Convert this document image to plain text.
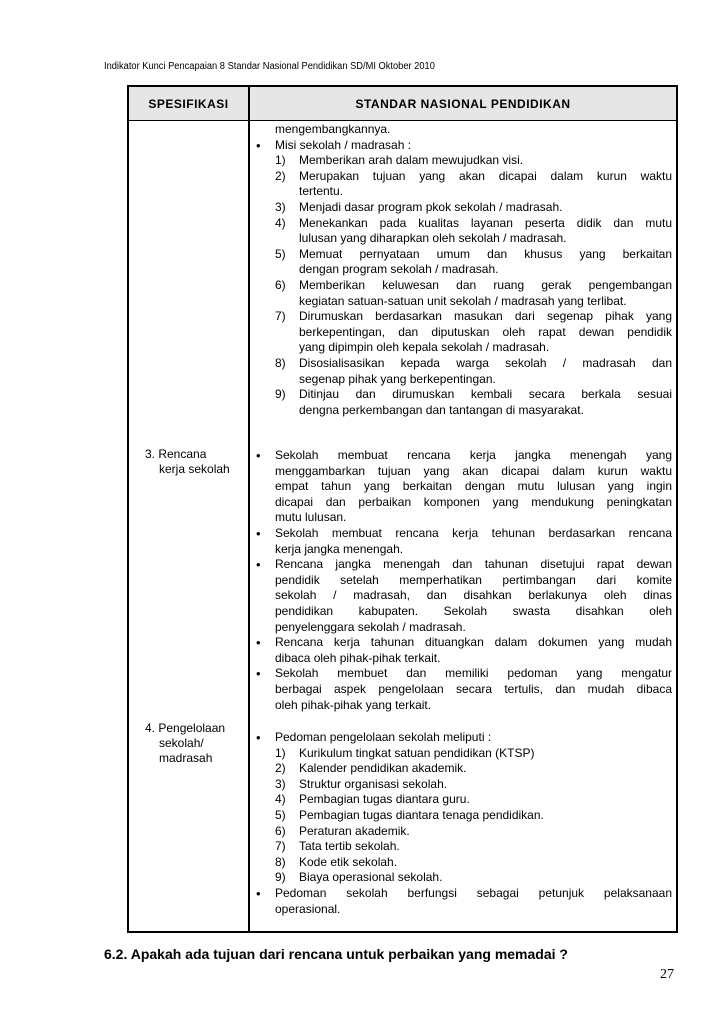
Indikator Kunci Pencapaian 8 Standar Nasional Pendidikan SD/MI Oktober 2010
SPESIFIKASI	STANDAR NASIONAL PENDIDIKAN
3. Rencana
kerja sekolah
4. Pengelolaan
sekolah/
madrasah
mengembangkannya.
• Misi sekolah / madrasah :
1) Memberikan arah dalam mewujudkan visi.
2) Merupakan tujuan yang akan dicapai dalam kurun waktu
tertentu.
3) Menjadi dasar program pkok sekolah / madrasah.
4) Menekankan pada kualitas layanan peserta didik dan mutu
lulusan yang diharapkan oleh sekolah / madrasah.
5) Memuat pernyataan umum dan khusus yang berkaitan
dengan program sekolah / madrasah.
6) Memberikan keluwesan dan ruang gerak pengembangan
kegiatan satuan-satuan unit sekolah / madrasah yang terlibat.
7) Dirumuskan berdasarkan masukan dari segenap pihak yang
berkepentingan, dan diputuskan oleh rapat dewan pendidik
yang dipimpin oleh kepala sekolah / madrasah.
8) Disosialisasikan kepada warga sekolah / madrasah dan
segenap pihak yang berkepentingan.
9) Ditinjau dan dirumuskan kembali secara berkala sesuai
dengna perkembangan dan tantangan di masyarakat.
• Sekolah membuat rencana kerja jangka menengah yang
menggambarkan tujuan yang akan dicapai dalam kurun waktu
empat tahun yang berkaitan dengan mutu lulusan yang ingin
dicapai dan perbaikan komponen yang mendukung peningkatan
mutu lulusan.
• Sekolah membuat rencana kerja tehunan berdasarkan rencana
kerja jangka menengah.
• Rencana jangka menengah dan tahunan disetujui rapat dewan
pendidik setelah memperhatikan pertimbangan dari komite
sekolah / madrasah, dan disahkan berlakunya oleh dinas
pendidikan kabupaten. Sekolah swasta disahkan oleh
penyelenggara sekolah / madrasah.
• Rencana kerja tahunan dituangkan dalam dokumen yang mudah
dibaca oleh pihak-pihak terkait.
• Sekolah membuet dan memiliki pedoman yang mengatur
berbagai aspek pengelolaan secara tertulis, dan mudah dibaca
oleh pihak-pihak yang terkait.
• Pedoman pengelolaan sekolah meliputi :
1) Kurikulum tingkat satuan pendidikan (KTSP)
2) Kalender pendidikan akademik.
3) Struktur organisasi sekolah.
4) Pembagian tugas diantara guru.
5) Pembagian tugas diantara tenaga pendidikan.
6) Peraturan akademik.
7) Tata tertib sekolah.
8) Kode etik sekolah.
9) Biaya operasional sekolah.
• Pedoman sekolah berfungsi sebagai petunjuk pelaksanaan
operasional.
6.2. Apakah ada tujuan dari rencana untuk perbaikan yang memadai ?
27
